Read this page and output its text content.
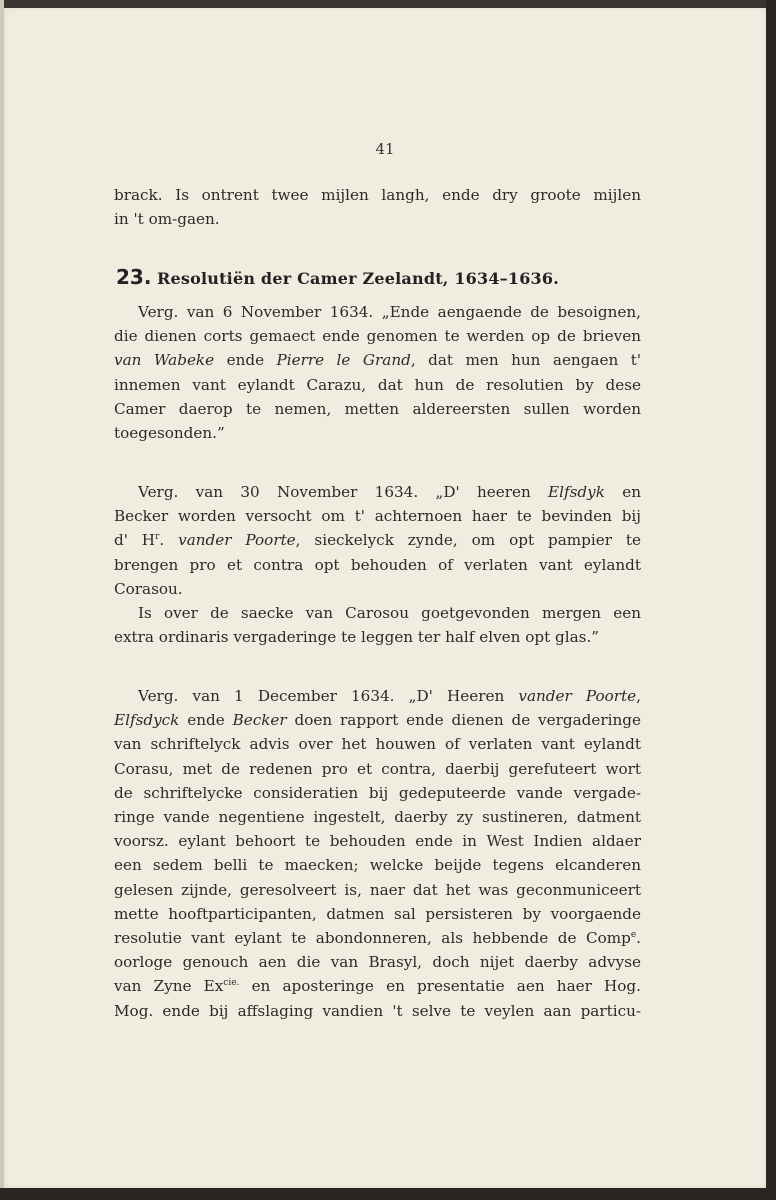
41
brack. Is ontrent twee mijlen langh, ende dry groote mijlen
in 't om-gaen.
23. Resolutiën der Camer Zeelandt, 1634–1636.
Verg. van 6 November 1634. „Ende aengaende de besoignen,
die dienen corts gemaect ende genomen te werden op de brieven
van Wabeke ende Pierre le Grand, dat men hun aengaen t'
innemen vant eylandt Carazu, dat hun de resolutien by dese
Camer daerop te nemen, metten aldereersten sullen worden
toegesonden.”
Verg. van 30 November 1634. „D' heeren Elfsdyk en
Becker worden versocht om t' achternoen haer te bevinden bij
d' $H^r$. vander Poorte, sieckelyck zynde, om opt pampier te
brengen pro et contra opt behouden of verlaten vant eylandt
Corasou.
Is over de saecke van Carosou goetgevonden mergen een
extra ordinaris vergaderinge te leggen ter half elven opt glas.”
Verg. van 1 December 1634. „D' Heeren vander Poorte,
Elfsdyck ende Becker doen rapport ende dienen de vergaderinge
van schriftelyck advis over het houwen of verlaten vant eylandt
Corasu, met de redenen pro et contra, daerbij gerefuteert wort
de schriftelycke consideratien bij gedeputeerde vande vergade-
ringe vande negentiene ingestelt, daerby zy sustineren, datment
voorsz. eylant behoort te behouden ende in West Indien aldaer
een sedem belli te maecken; welcke beijde tegens elcanderen
gelesen zijnde, geresolveert is, naer dat het was geconmuniceert
mette hooftparticipanten, datmen sal persisteren by voorgaende
resolutie vant eylant te abondonneren, als hebbende de Comp$^e$.
oorloge genouch aen die van Brasyl, doch nijet daerby advyse
van Zyne $Ex^{cie.}$ en aposteringe en presentatie aen haer Hog.
Mog. ende bij affslaging vandien 't selve te veylen aan particu-
